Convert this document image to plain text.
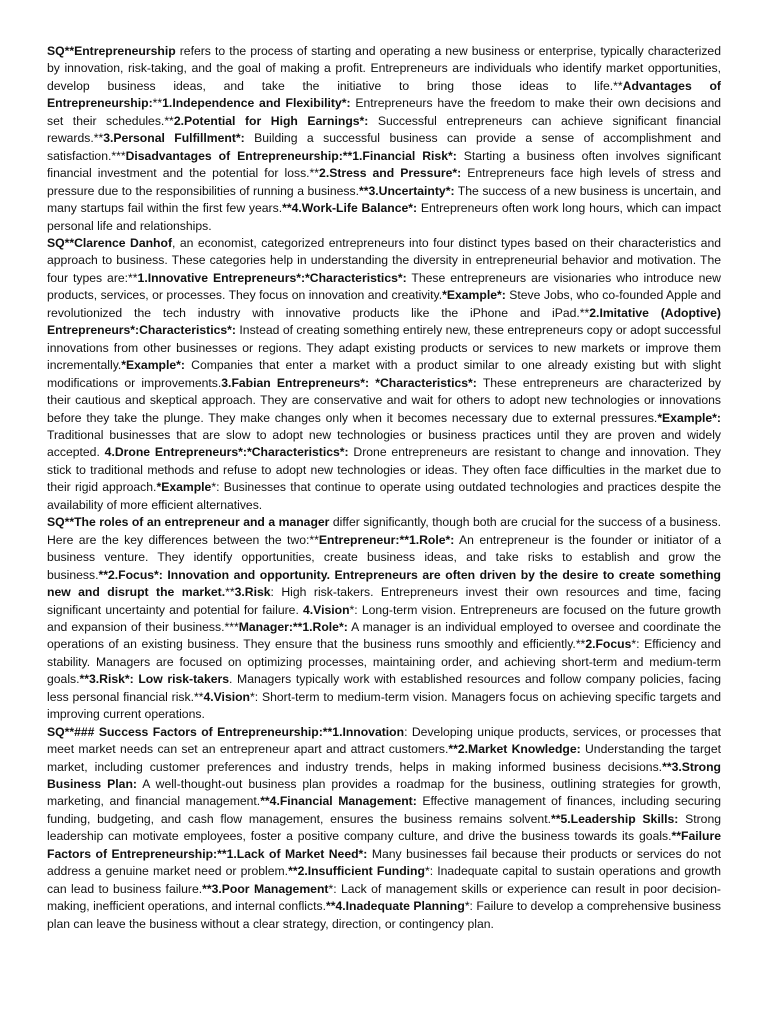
SQ**Entrepreneurship refers to the process of starting and operating a new business or enterprise, typically characterized by innovation, risk-taking, and the goal of making a profit. Entrepreneurs are individuals who identify market opportunities, develop business ideas, and take the initiative to bring those ideas to life.**Advantages of Entrepreneurship:**1.Independence and Flexibility*: Entrepreneurs have the freedom to make their own decisions and set their schedules.**2.Potential for High Earnings*: Successful entrepreneurs can achieve significant financial rewards.**3.Personal Fulfillment*: Building a successful business can provide a sense of accomplishment and satisfaction.***Disadvantages of Entrepreneurship:**1.Financial Risk*: Starting a business often involves significant financial investment and the potential for loss.**2.Stress and Pressure*: Entrepreneurs face high levels of stress and pressure due to the responsibilities of running a business.**3.Uncertainty*: The success of a new business is uncertain, and many startups fail within the first few years.**4.Work-Life Balance*: Entrepreneurs often work long hours, which can impact personal life and relationships.

SQ**Clarence Danhof, an economist, categorized entrepreneurs into four distinct types based on their characteristics and approach to business. These categories help in understanding the diversity in entrepreneurial behavior and motivation. The four types are:**1.Innovative Entrepreneurs*:*Characteristics*: These entrepreneurs are visionaries who introduce new products, services, or processes. They focus on innovation and creativity.*Example*: Steve Jobs, who co-founded Apple and revolutionized the tech industry with innovative products like the iPhone and iPad.**2.Imitative (Adoptive) Entrepreneurs*:Characteristics*: Instead of creating something entirely new, these entrepreneurs copy or adopt successful innovations from other businesses or regions. They adapt existing products or services to new markets or improve them incrementally.*Example*: Companies that enter a market with a product similar to one already existing but with slight modifications or improvements.3.Fabian Entrepreneurs*: *Characteristics*: These entrepreneurs are characterized by their cautious and skeptical approach. They are conservative and wait for others to adopt new technologies or innovations before they take the plunge. They make changes only when it becomes necessary due to external pressures.*Example*: Traditional businesses that are slow to adopt new technologies or business practices until they are proven and widely accepted. 4.Drone Entrepreneurs*:*Characteristics*: Drone entrepreneurs are resistant to change and innovation. They stick to traditional methods and refuse to adopt new technologies or ideas. They often face difficulties in the market due to their rigid approach.*Example*: Businesses that continue to operate using outdated technologies and practices despite the availability of more efficient alternatives.

SQ**The roles of an entrepreneur and a manager differ significantly, though both are crucial for the success of a business. Here are the key differences between the two:**Entrepreneur:**1.Role*: An entrepreneur is the founder or initiator of a business venture. They identify opportunities, create business ideas, and take risks to establish and grow the business.**2.Focus*: Innovation and opportunity. Entrepreneurs are often driven by the desire to create something new and disrupt the market.**3.Risk: High risk-takers. Entrepreneurs invest their own resources and time, facing significant uncertainty and potential for failure. 4.Vision*: Long-term vision. Entrepreneurs are focused on the future growth and expansion of their business.***Manager:**1.Role*: A manager is an individual employed to oversee and coordinate the operations of an existing business. They ensure that the business runs smoothly and efficiently.**2.Focus*: Efficiency and stability. Managers are focused on optimizing processes, maintaining order, and achieving short-term and medium-term goals.**3.Risk*: Low risk-takers. Managers typically work with established resources and follow company policies, facing less personal financial risk.**4.Vision*: Short-term to medium-term vision. Managers focus on achieving specific targets and improving current operations.

SQ**### Success Factors of Entrepreneurship:**1.Innovation: Developing unique products, services, or processes that meet market needs can set an entrepreneur apart and attract customers.**2.Market Knowledge: Understanding the target market, including customer preferences and industry trends, helps in making informed business decisions.**3.Strong Business Plan: A well-thought-out business plan provides a roadmap for the business, outlining strategies for growth, marketing, and financial management.**4.Financial Management: Effective management of finances, including securing funding, budgeting, and cash flow management, ensures the business remains solvent.**5.Leadership Skills: Strong leadership can motivate employees, foster a positive company culture, and drive the business towards its goals.**Failure Factors of Entrepreneurship:**1.Lack of Market Need*: Many businesses fail because their products or services do not address a genuine market need or problem.**2.Insufficient Funding*: Inadequate capital to sustain operations and growth can lead to business failure.**3.Poor Management*: Lack of management skills or experience can result in poor decision-making, inefficient operations, and internal conflicts.**4.Inadequate Planning*: Failure to develop a comprehensive business plan can leave the business without a clear strategy, direction, or contingency plan.
